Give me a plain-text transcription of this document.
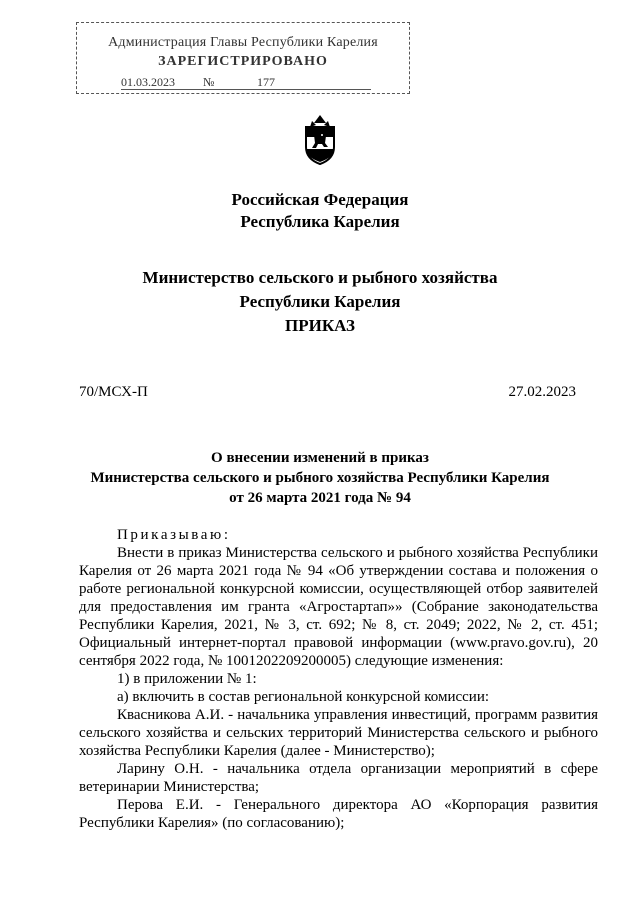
Администрация Главы Республики Карелия
ЗАРЕГИСТРИРОВАНО
01.03.2023 №	177
Российская Федерация
Республика Карелия
Министерство сельского и рыбного хозяйства
Республики Карелия
ПРИКАЗ
70/МСХ-П	27.02.2023
О внесении изменений в приказ
Министерства сельского и рыбного хозяйства Республики Карелия
от 26 марта 2021 года № 94

Приказываю:

Внести в приказ Министерства сельского и рыбного хозяйства Республики Карелия от 26 марта 2021 года № 94 «Об утверждении состава и положения о работе региональной конкурсной комиссии, осуществляющей отбор заявителей для предоставления им гранта «Агростартап»» (Собрание законодательства Республики Карелия, 2021, № 3, ст. 692; № 8, ст. 2049; 2022, № 2, ст. 451; Официальный интернет-портал правовой информации (www.pravo.gov.ru), 20 сентября 2022 года, № 1001202209200005) следующие изменения:

1) в приложении № 1:

а) включить в состав региональной конкурсной комиссии:

Квасникова А.И. - начальника управления инвестиций, программ развития сельского хозяйства и сельских территорий Министерства сельского и рыбного хозяйства Республики Карелия (далее - Министерство);

Ларину О.Н. - начальника отдела организации мероприятий в сфере ветеринарии Министерства;

Перова Е.И. - Генерального директора АО «Корпорация развития Республики Карелия» (по согласованию);
